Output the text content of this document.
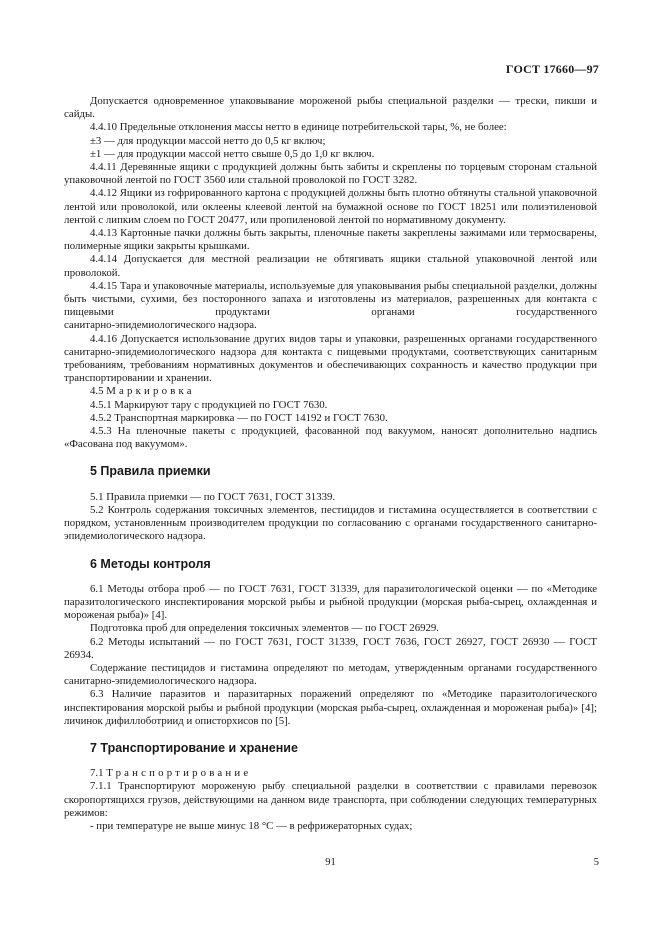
ГОСТ 17660—97

Допускается одновременное упаковывание мороженой рыбы специальной разделки — трески, пикши и сайды.

4.4.10 Предельные отклонения массы нетто в единице потребительской тары, %, не более:

±3 — для продукции массой нетто до 0,5 кг включ;

±1 — для продукции массой нетто свыше 0,5 до 1,0 кг включ.

4.4.11 Деревянные ящики с продукцией должны быть забиты и скреплены по торцевым сторонам стальной упаковочной лентой по ГОСТ 3560 или стальной проволокой по ГОСТ 3282.

4.4.12 Ящики из гофрированного картона с продукцией должны быть плотно обтянуты стальной упаковочной лентой или проволокой, или оклеены клеевой лентой на бумажной основе по ГОСТ 18251 или полиэтиленовой лентой с липким слоем по ГОСТ 20477, или пропиленовой лентой по нормативному документу.

4.4.13 Картонные пачки должны быть закрыты, пленочные пакеты закреплены зажимами или термосварены, полимерные ящики закрыты крышками.

4.4.14 Допускается для местной реализации не обтягивать ящики стальной упаковочной лентой или проволокой.

4.4.15 Тара и упаковочные материалы, используемые для упаковывания рыбы специальной разделки, должны быть чистыми, сухими, без посторонного запаха и изготовлены из материалов, разрешенных для контакта с пищевыми продуктами органами государственного

санитарно-эпидемиологического надзора.

4.4.16 Допускается использование других видов тары и упаковки, разрешенных органами государственного санитарно-эпидемиологического надзора для контакта с пищевыми продуктами, соответствующих санитарным требованиям, требованиям нормативных документов и обеспечивающих сохранность и качество продукции при транспортировании и хранении.

4.5 Маркировка

4.5.1 Маркируют тару с продукцией по ГОСТ 7630.

4.5.2 Транспортная маркировка — по ГОСТ 14192 и ГОСТ 7630.

4.5.3 На пленочные пакеты с продукцией, фасованной под вакуумом, наносят дополнительно надпись «Фасована под вакуумом».

5 Правила приемки

5.1 Правила приемки — по ГОСТ 7631, ГОСТ 31339.

5.2 Контроль содержания токсичных элементов, пестицидов и гистамина осуществляется в соответствии с порядком, установленным производителем продукции по согласованию с органами государственного санитарно-эпидемиологического надзора.

6 Методы контроля

6.1 Методы отбора проб — по ГОСТ 7631, ГОСТ 31339, для паразитологической оценки — по «Методике паразитологического инспектирования морской рыбы и рыбной продукции (морская рыба-сырец, охлажденная и мороженая рыба)» [4].

Подготовка проб для определения токсичных элементов — по ГОСТ 26929.

6.2 Методы испытаний — по ГОСТ 7631, ГОСТ 31339, ГОСТ 7636, ГОСТ 26927, ГОСТ 26930 — ГОСТ 26934.

Содержание пестицидов и гистамина определяют по методам, утвержденным органами государственного санитарно-эпидемиологического надзора.

6.3 Наличие паразитов и паразитарных поражений определяют по «Методике паразитологического инспектирования морской рыбы и рыбной продукции (морская рыба-сырец, охлажденная и мороженая рыба)» [4]; личинок дифиллоботриид и описторхисов по [5].

7 Транспортирование и хранение

7.1 Транспортирование

7.1.1 Транспортируют мороженую рыбу специальной разделки в соответствии с правилами перевозок скоропортящихся грузов, действующими на данном виде транспорта, при соблюдении следующих температурных режимов:

- при температуре не выше минус 18 °С — в рефрижераторных судах;

91	5
